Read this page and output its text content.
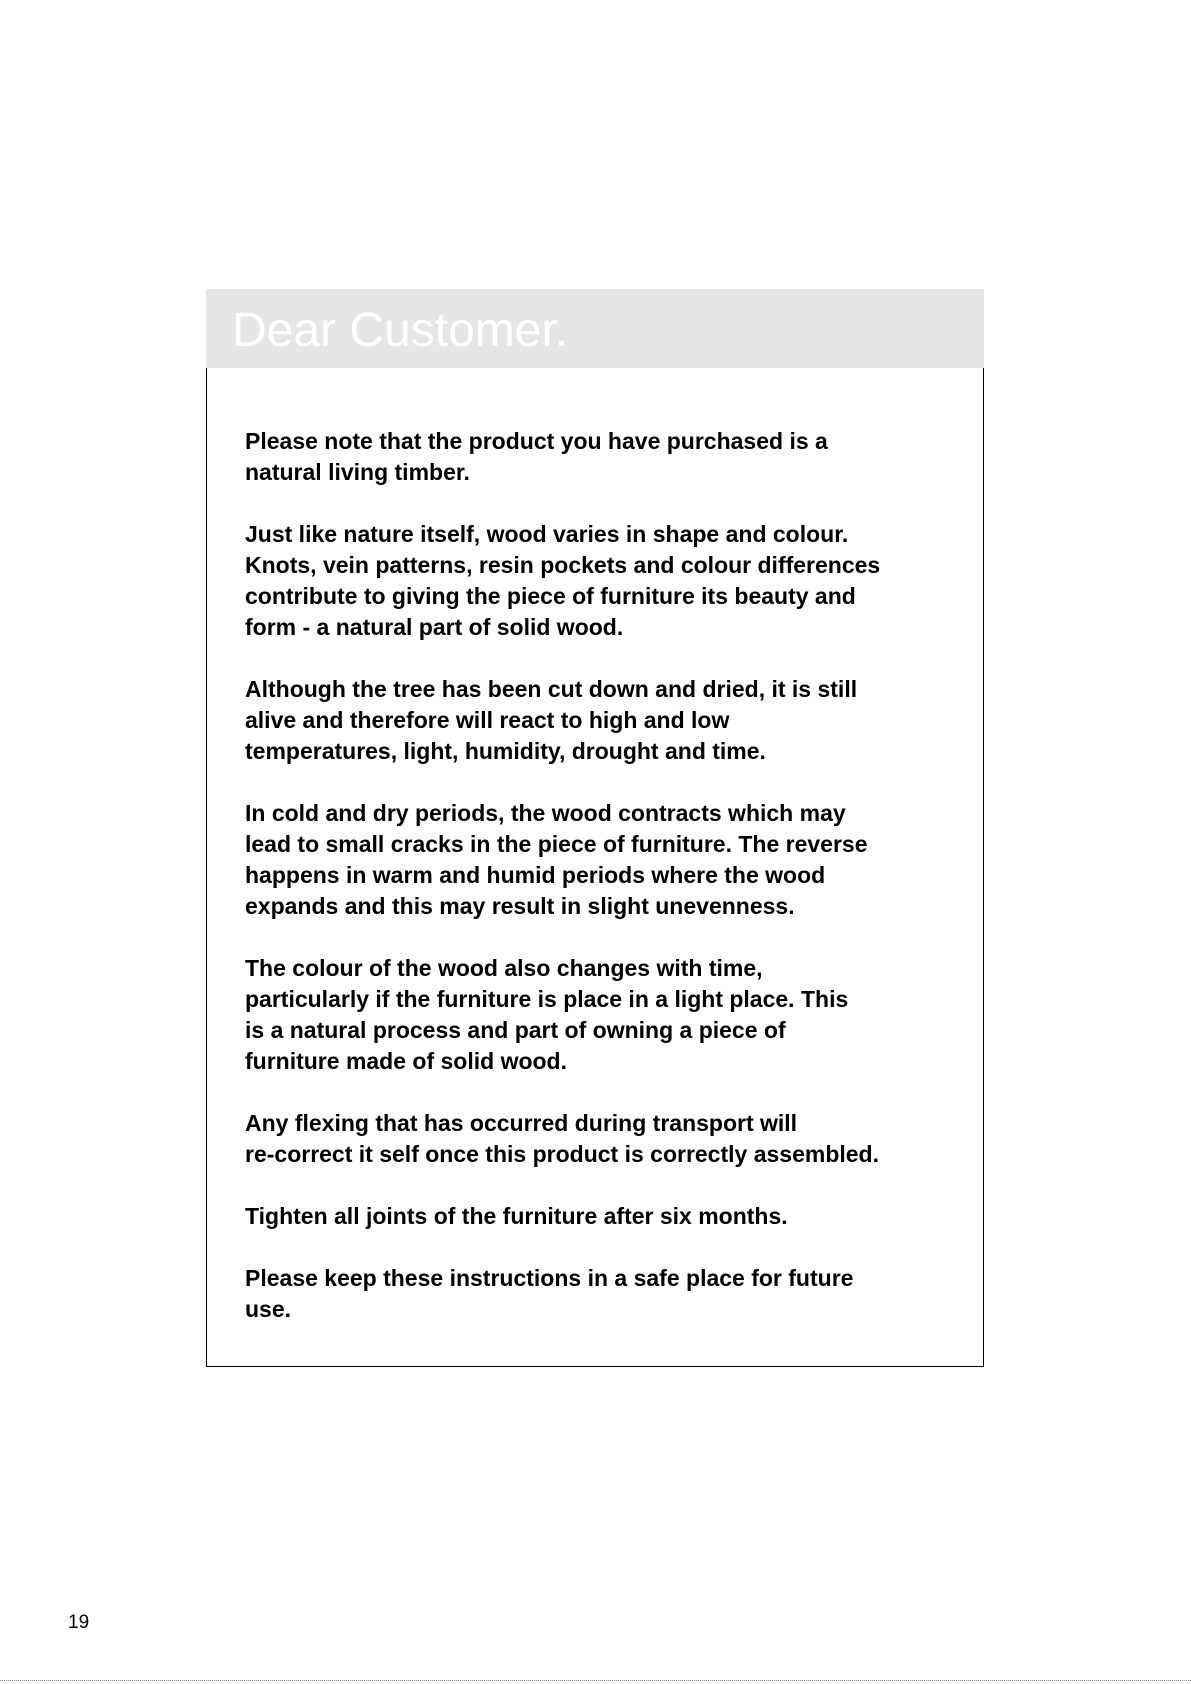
Dear Customer.

Please note that the product you have purchased is a
natural living timber.

Just like nature itself, wood varies in shape and colour.
Knots, vein patterns, resin pockets and colour differences
contribute to giving the piece of furniture its beauty and
form - a natural part of solid wood.

Although the tree has been cut down and dried, it is still
alive and therefore will react to high and low
temperatures, light, humidity, drought and time.

In cold and dry periods, the wood contracts which may
lead to small cracks in the piece of furniture. The reverse
happens in warm and humid periods where the wood
expands and this may result in slight unevenness.

The colour of the wood also changes with time,
particularly if the furniture is place in a light place. This
is a natural process and part of owning a piece of
furniture made of solid wood.

Any flexing that has occurred during transport will
re-correct it self once this product is correctly assembled.

Tighten all joints of the furniture after six months.

Please keep these instructions in a safe place for future
use.

19
